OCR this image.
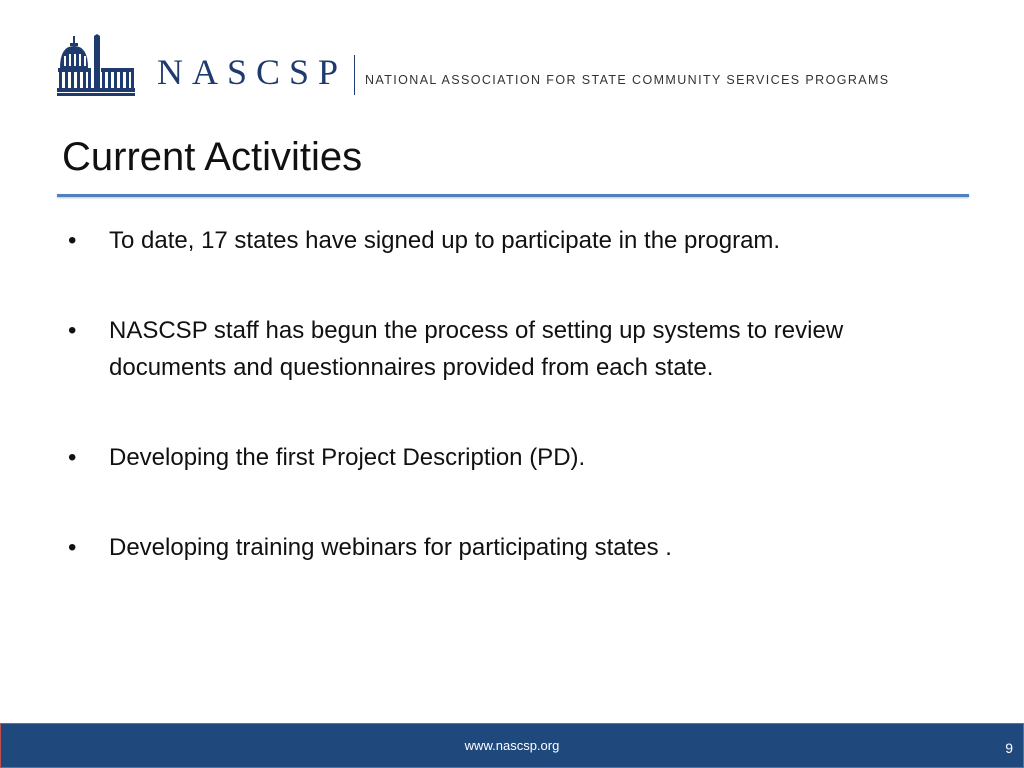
NASCSP NATIONAL ASSOCIATION FOR STATE COMMUNITY SERVICES PROGRAMS
Current Activities
• To date, 17 states have signed up to participate in the program.
• NASCSP staff has begun the process of setting up systems to review documents and questionnaires provided from each state.
• Developing the first Project Description (PD).
• Developing training webinars for participating states .
www.nascsp.org	9
